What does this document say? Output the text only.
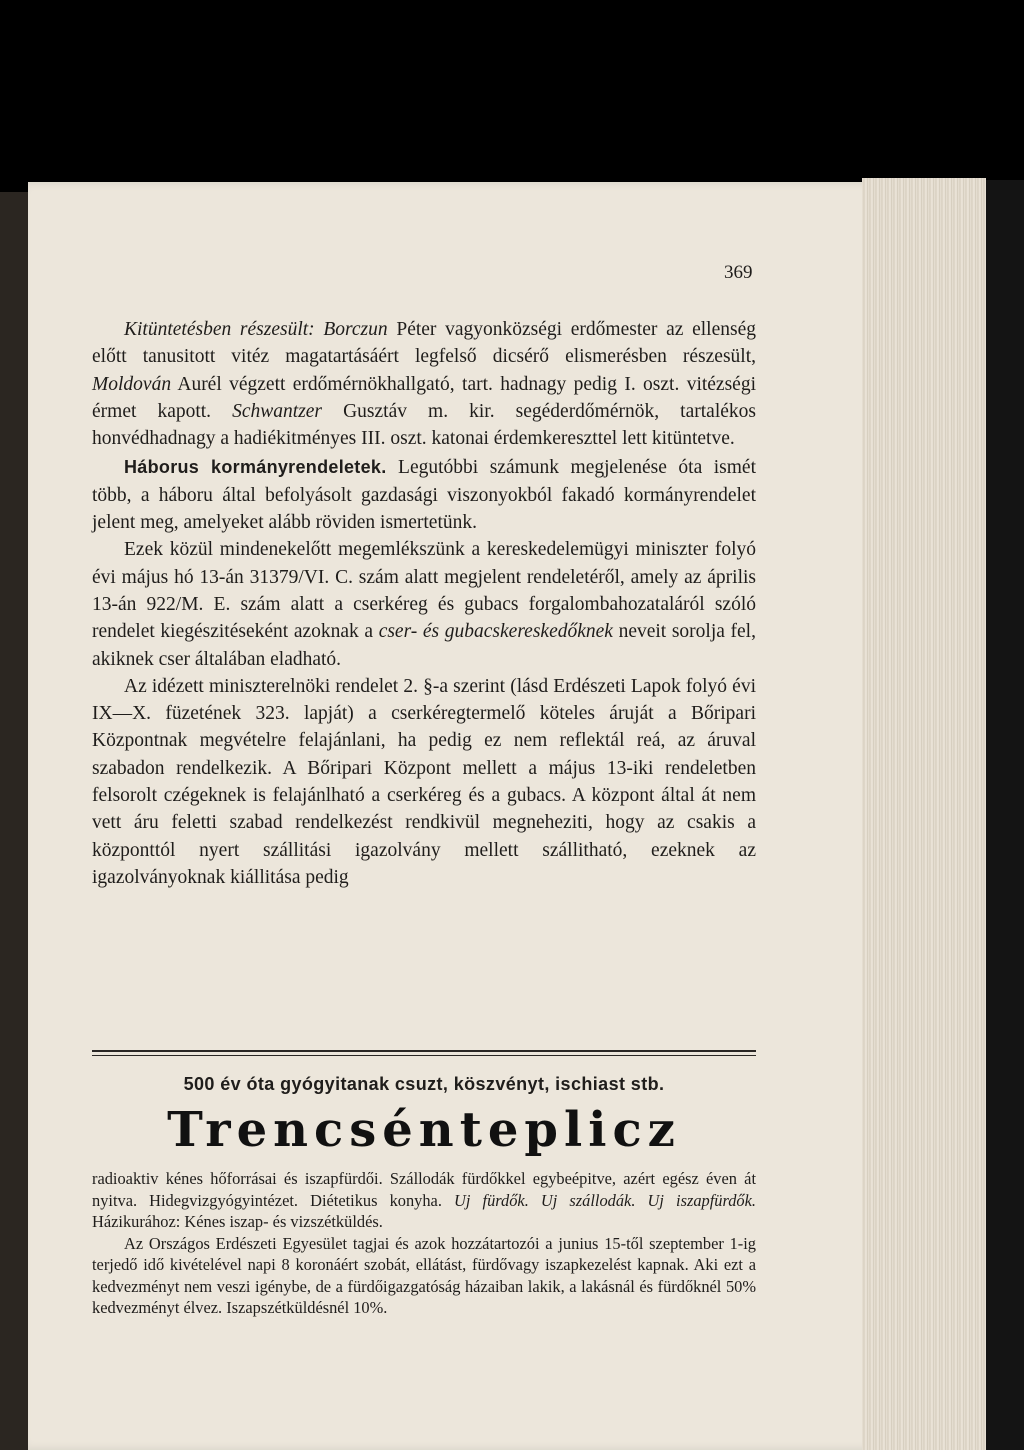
369

Kitüntetésben részesült: Borczun Péter vagyonközségi erdőmester az ellenség előtt tanusitott vitéz magatartásáért legfelső dicsérő elismerésben részesült, Moldován Aurél végzett erdőmérnökhallgató, tart. hadnagy pedig I. oszt. vitézségi érmet kapott. Schwantzer Gusztáv m. kir. segéderdőmérnök, tartalékos honvédhadnagy a hadiékitményes III. oszt. katonai érdemkereszttel lett kitüntetve.

Háborus kormányrendeletek. Legutóbbi számunk megjelenése óta ismét több, a háboru által befolyásolt gazdasági viszonyokból fakadó kormányrendelet jelent meg, amelyeket alább röviden ismertetünk.

Ezek közül mindenekelőtt megemlékszünk a kereskedelemügyi miniszter folyó évi május hó 13-án 31379/VI. C. szám alatt megjelent rendeletéről, amely az április 13-án 922/M. E. szám alatt a cserkéreg és gubacs forgalombahozataláról szóló rendelet kiegészitéseként azoknak a cser- és gubacskereskedőknek neveit sorolja fel, akiknek cser általában eladható.

Az idézett miniszterelnöki rendelet 2. §-a szerint (lásd Erdészeti Lapok folyó évi IX—X. füzetének 323. lapját) a cserkéregtermelő köteles áruját a Bőripari Központnak megvételre felajánlani, ha pedig ez nem reflektál reá, az áruval szabadon rendelkezik. A Bőripari Központ mellett a május 13-iki rendeletben felsorolt czégeknek is felajánlható a cserkéreg és a gubacs. A központ által át nem vett áru feletti szabad rendelkezést rendkivül megneheziti, hogy az csakis a központtól nyert szállitási igazolvány mellett szállitható, ezeknek az igazolványoknak kiállitása pedig

500 év óta gyógyitanak csuzt, köszvényt, ischiast stb.
Trencsénteplicz

radioaktiv kénes hőforrásai és iszapfürdői. Szállodák fürdőkkel egybeépitve, azért egész éven át nyitva. Hidegvizgyógyintézet. Diétetikus konyha. Uj fürdők. Uj szállodák. Uj iszapfürdők. Házikurához: Kénes iszap- és vizszétküldés.

Az Országos Erdészeti Egyesület tagjai és azok hozzátartozói a junius 15-től szeptember 1-ig terjedő idő kivételével napi 8 koronáért szobát, ellátást, fürdővagy iszapkezelést kapnak. Aki ezt a kedvezményt nem veszi igénybe, de a fürdőigazgatóság házaiban lakik, a lakásnál és fürdőknél 50% kedvezményt élvez. Iszapszétküldésnél 10%.
